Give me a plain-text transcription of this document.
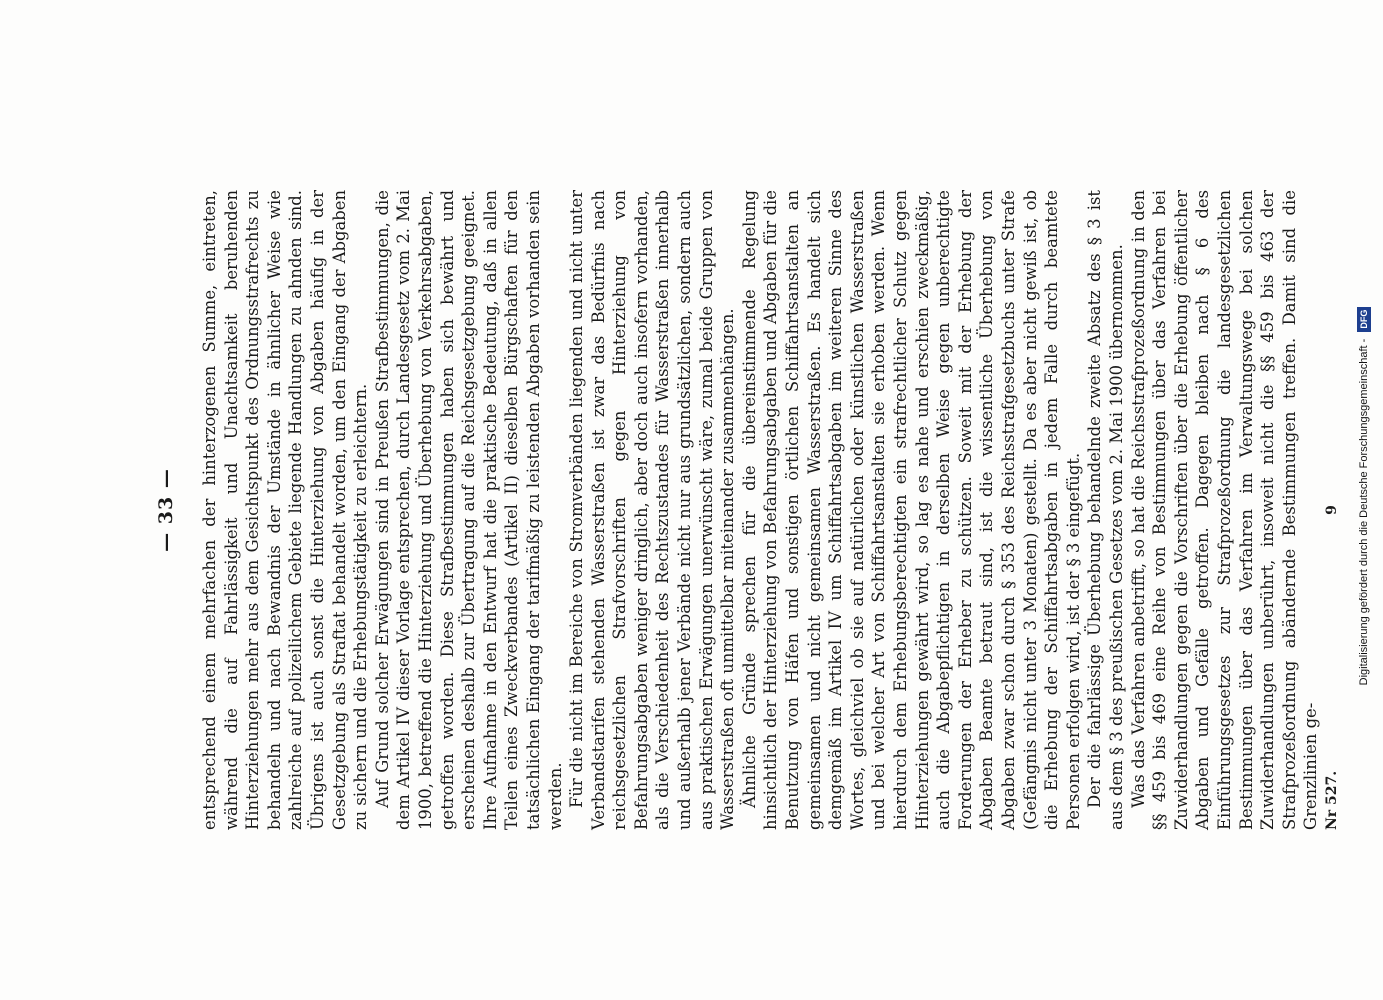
— 33 — entsprechend einem mehrfachen der hinterzogenen Summe, eintreten, während die auf Fahrlässigkeit und Unachtsamkeit beruhenden Hinterziehungen mehr aus dem Gesichtspunkt des Ordnungsstrafrechts zu behandeln und nach Bewandnis der Umstände in ähnlicher Weise wie zahlreiche auf polizeilichem Gebiete liegende Handlungen zu ahnden sind. Übrigens ist auch sonst die Hinterziehung von Abgaben häufig in der Gesetzgebung als Straftat behandelt worden, um den Eingang der Abgaben zu sichern und die Erhebungstätigkeit zu erleichtern. Auf Grund solcher Erwägungen sind in Preußen Strafbestimmungen, die dem Artikel IV dieser Vorlage entsprechen, durch Landesgesetz vom 2. Mai 1900, betreffend die Hinterziehung und Überhebung von Verkehrsabgaben, getroffen worden. Diese Strafbestimmungen haben sich bewährt und erscheinen deshalb zur Übertragung auf die Reichsgesetzgebung geeignet. Ihre Aufnahme in den Entwurf hat die praktische Bedeutung, daß in allen Teilen eines Zweckverbandes (Artikel II) dieselben Bürgschaften für den tatsächlichen Eingang der tarifmäßig zu leistenden Abgaben vorhanden sein werden. Für die nicht im Bereiche von Stromverbänden liegenden und nicht unter Verbandstarifen stehenden Wasserstraßen ist zwar das Bedürfnis nach reichsgesetzlichen Strafvorschriften gegen Hinterziehung von Befahrungsabgaben weniger dringlich, aber doch auch insofern vorhanden, als die Verschiedenheit des Rechtszustandes für Wasserstraßen innerhalb und außerhalb jener Verbände nicht nur aus grundsätzlichen, sondern auch aus praktischen Erwägungen unerwünscht wäre, zumal beide Gruppen von Wasserstraßen oft unmittelbar miteinander zusammenhängen. Ähnliche Gründe sprechen für die übereinstimmende Regelung hinsichtlich der Hinterziehung von Befahrungsabgaben und Abgaben für die Benutzung von Häfen und sonstigen örtlichen Schiffahrtsanstalten an gemeinsamen und nicht gemeinsamen Wasserstraßen. Es handelt sich demgemäß im Artikel IV um Schiffahrtsabgaben im weiteren Sinne des Wortes, gleichviel ob sie auf natürlichen oder künstlichen Wasserstraßen und bei welcher Art von Schiffahrtsanstalten sie erhoben werden. Wenn hierdurch dem Erhebungsberechtigten ein strafrechtlicher Schutz gegen Hinterziehungen gewährt wird, so lag es nahe und erschien zweckmäßig, auch die Abgabepflichtigen in derselben Weise gegen unberechtigte Forderungen der Erheber zu schützen. Soweit mit der Erhebung der Abgaben Beamte betraut sind, ist die wissentliche Überhebung von Abgaben zwar schon durch § 353 des Reichsstrafgesetzbuchs unter Strafe (Gefängnis nicht unter 3 Monaten) gestellt. Da es aber nicht gewiß ist, ob die Erhebung der Schiffahrtsabgaben in jedem Falle durch beamtete Personen erfolgen wird, ist der § 3 eingefügt. Der die fahrlässige Überhebung behandelnde zweite Absatz des § 3 ist aus dem § 3 des preußischen Gesetzes vom 2. Mai 1900 übernommen. Was das Verfahren anbetrifft, so hat die Reichsstrafprozeßordnung in den §§ 459 bis 469 eine Reihe von Bestimmungen über das Verfahren bei Zuwiderhandlungen gegen die Vorschriften über die Erhebung öffentlicher Abgaben und Gefälle getroffen. Dagegen bleiben nach § 6 des Einführungsgesetzes zur Strafprozeßordnung die landesgesetzlichen Bestimmungen über das Verfahren im Verwaltungswege bei solchen Zuwiderhandlungen unberührt, insoweit nicht die §§ 459 bis 463 der Strafprozeßordnung abändernde Bestimmungen treffen. Damit sind die Grenzlinien ge- Nr 527.
9 Digitalisierung gefördert durch die Deutsche Forschungsgemeinschaft - DFG
